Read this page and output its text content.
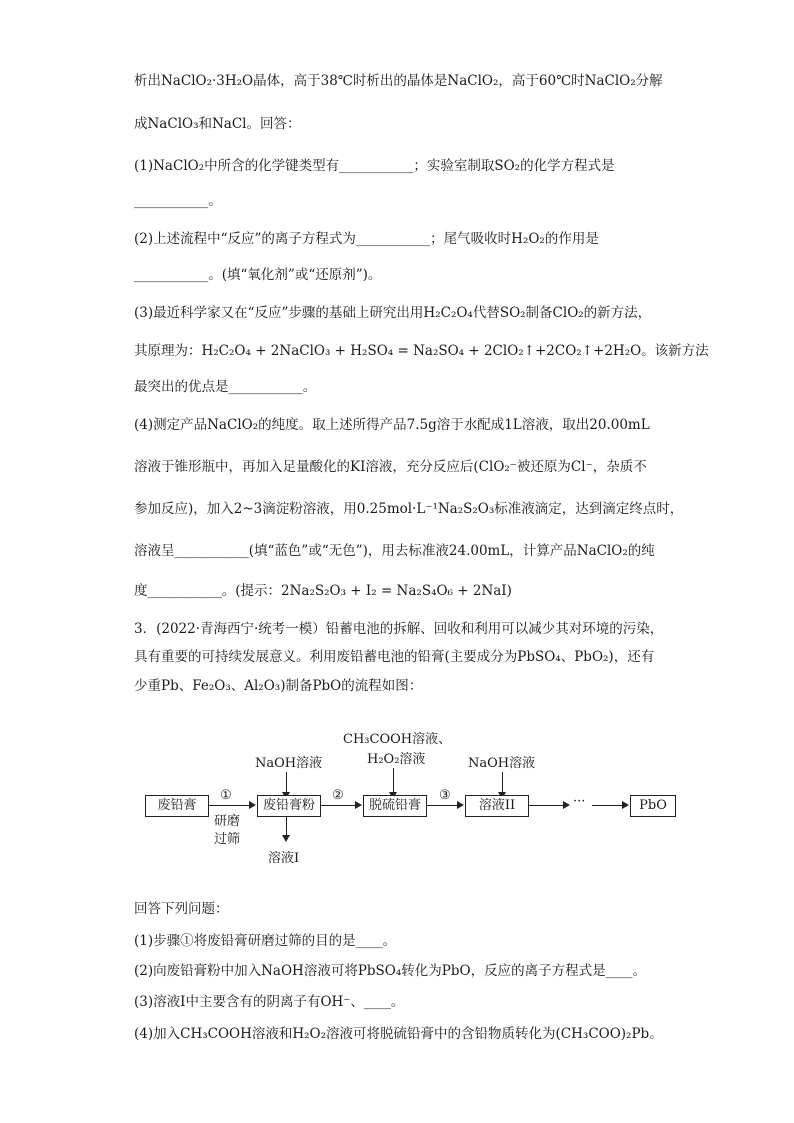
析出NaClO₂·3H₂O晶体，高于38℃时析出的晶体是NaClO₂，高于60℃时NaClO₂分解
成NaClO₃和NaCl。回答：
(1)NaClO₂中所含的化学键类型有___________；实验室制取SO₂的化学方程式是
___________。
(2)上述流程中“反应”的离子方程式为___________；尾气吸收时H₂O₂的作用是
___________。(填“氧化剂”或“还原剂”)。
(3)最近科学家又在“反应”步骤的基础上研究出用H₂C₂O₄代替SO₂制备ClO₂的新方法，
其原理为：H₂C₂O₄ + 2NaClO₃ + H₂SO₄ = Na₂SO₄ + 2ClO₂↑+2CO₂↑+2H₂O。该新方法
最突出的优点是___________。
(4)测定产品NaClO₂的纯度。取上述所得产品7.5g溶于水配成1L溶液，取出20.00mL
溶液于锥形瓶中，再加入足量酸化的KI溶液，充分反应后(ClO₂⁻被还原为Cl⁻，杂质不
参加反应)，加入2~3滴淀粉溶液，用0.25mol·L⁻¹Na₂S₂O₃标准液滴定，达到滴定终点时，
溶液呈___________(填“蓝色”或“无色”)，用去标准液24.00mL，计算产品NaClO₂的纯
度___________。(提示：2Na₂S₂O₃ + I₂ = Na₂S₄O₆ + 2NaI)
3．(2022·青海西宁·统考一模）铅蓄电池的拆解、回收和利用可以减少其对环境的污染，
具有重要的可持续发展意义。利用废铅蓄电池的铅膏(主要成分为PbSO₄、PbO₂)，还有
少重Pb、Fe₂O₃、Al₂O₃)制备PbO的流程如图：
CH₃COOH溶液、
H₂O₂溶液
NaOH溶液	NaOH溶液
废铅膏	废铅膏粉	脱硫铅膏	溶液II	PbO
···
①	②	③
研磨
过筛
溶液I
回答下列问题：
(1)步骤①将废铅膏研磨过筛的目的是____。
(2)向废铅膏粉中加入NaOH溶液可将PbSO₄转化为PbO，反应的离子方程式是____。
(3)溶液I中主要含有的阴离子有OH⁻、____。
(4)加入CH₃COOH溶液和H₂O₂溶液可将脱硫铅膏中的含铅物质转化为(CH₃COO)₂Pb。
